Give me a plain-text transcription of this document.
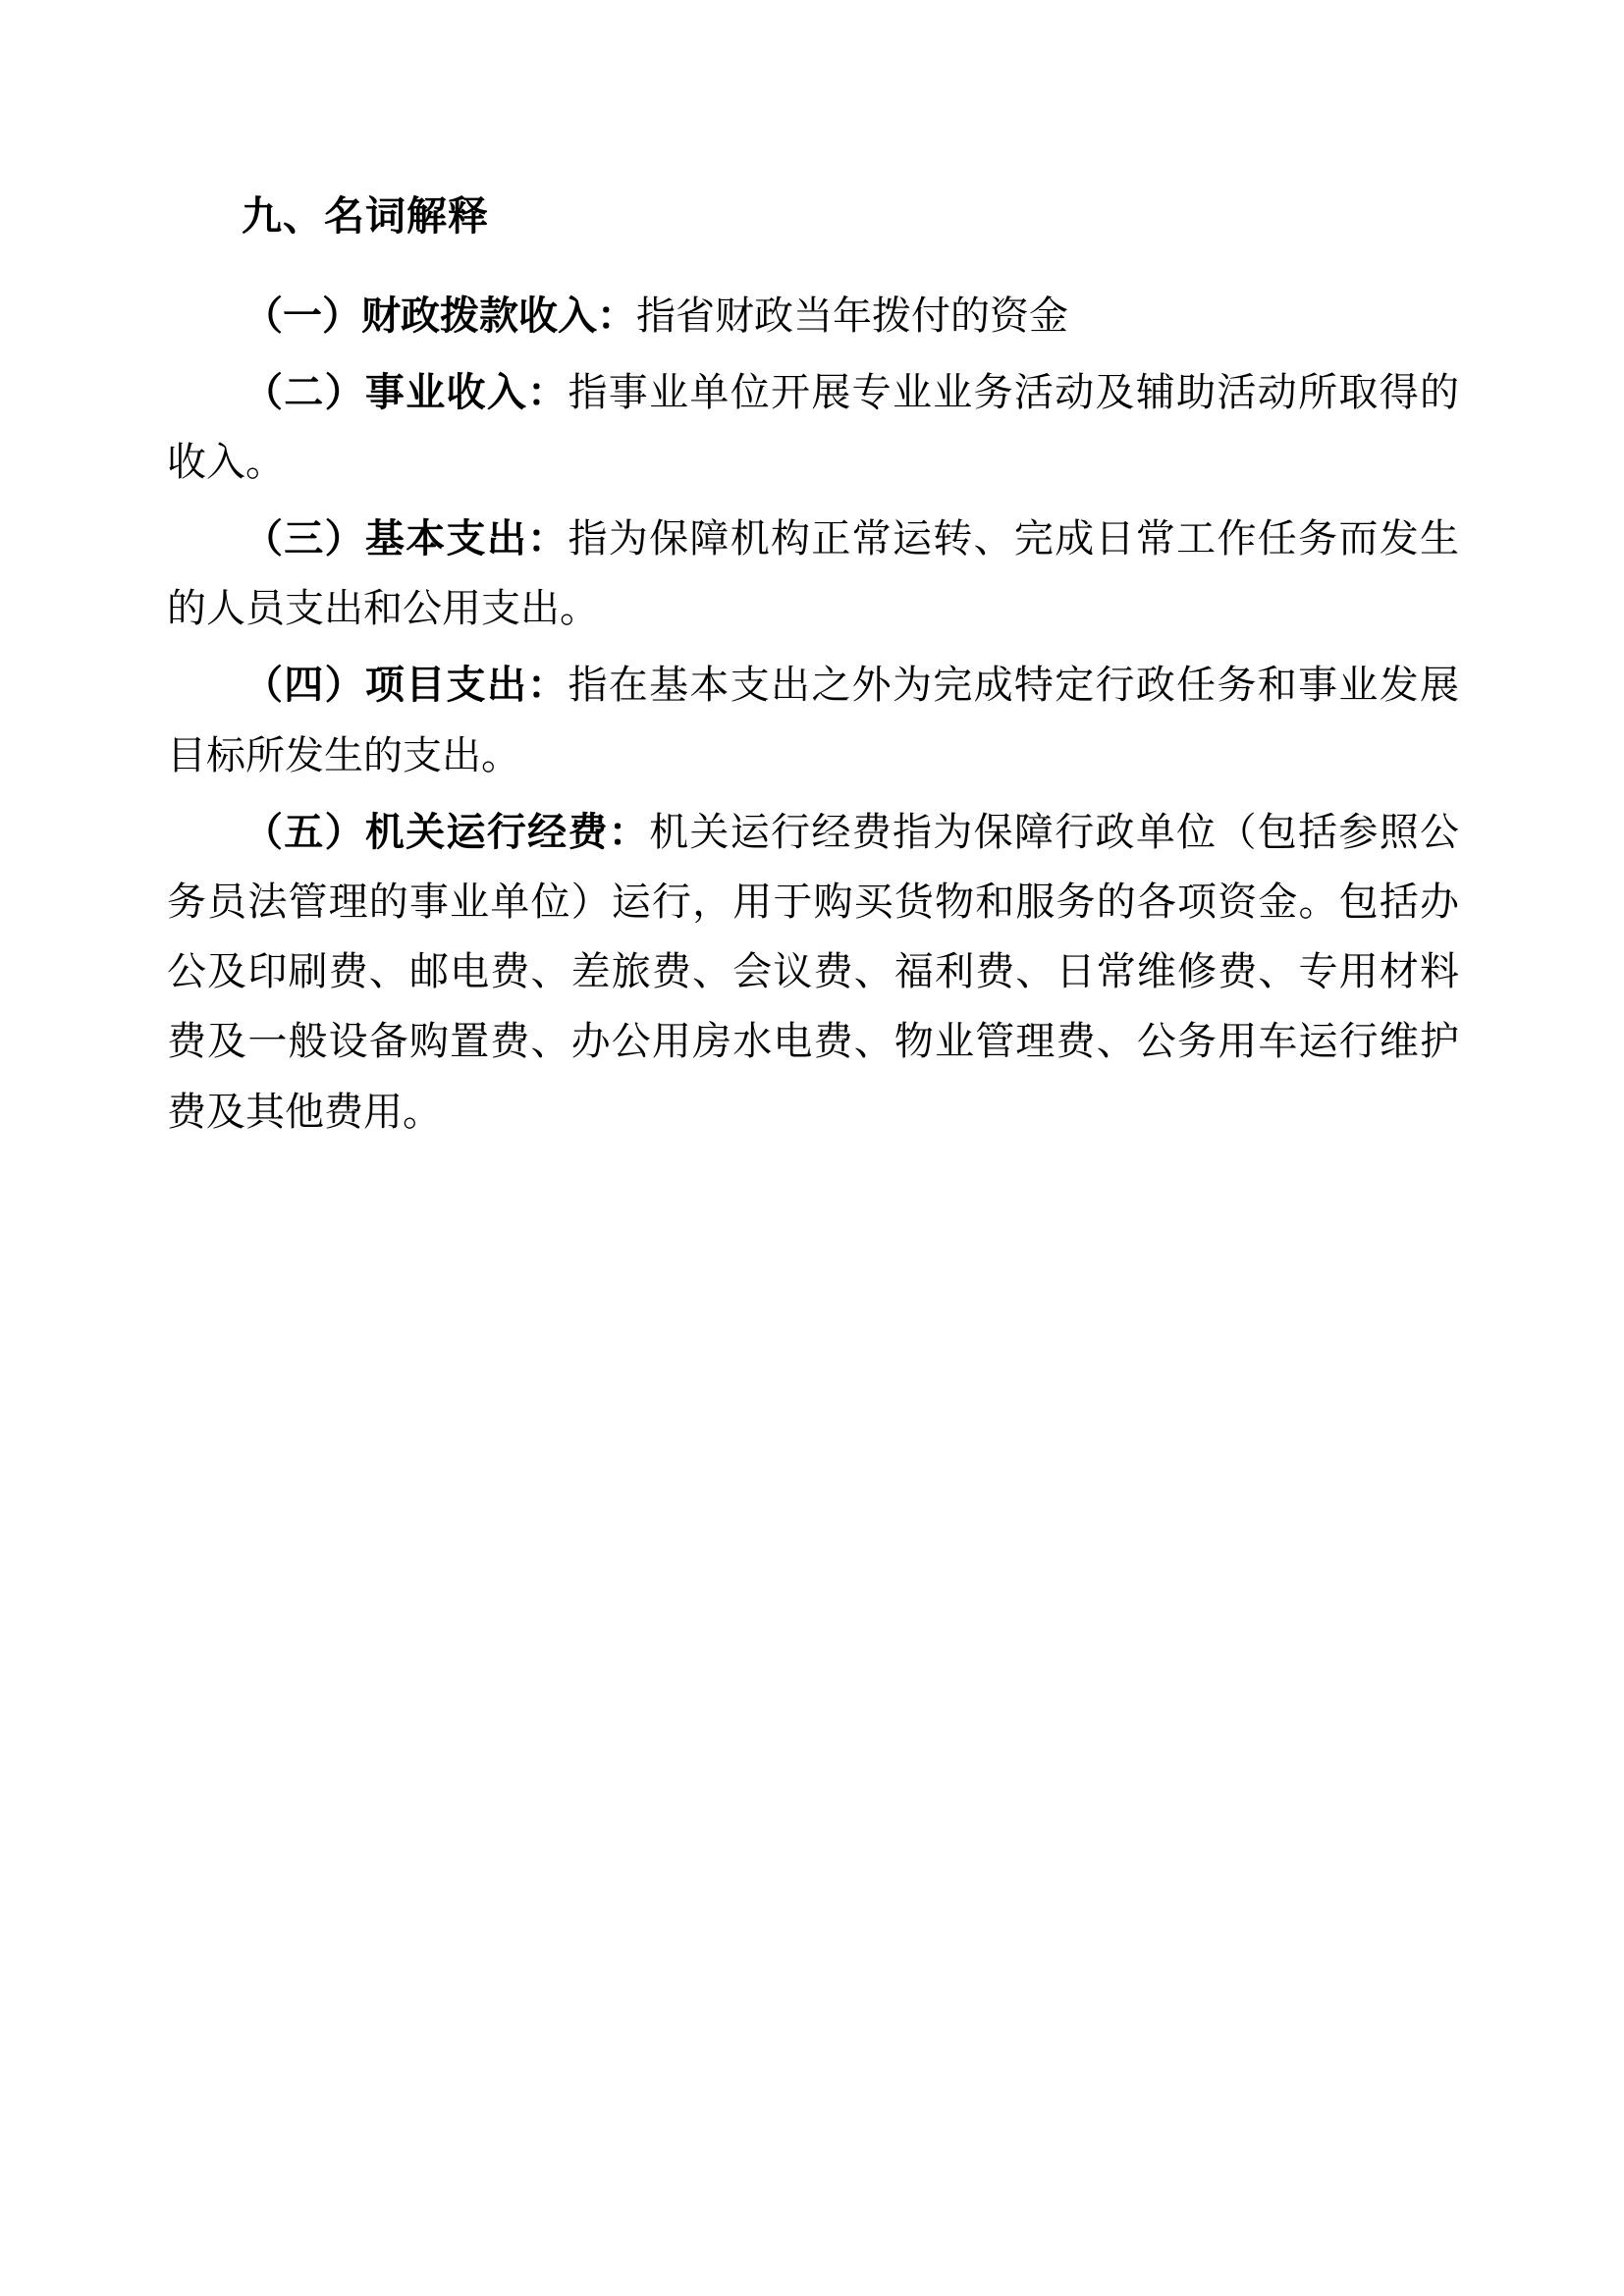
九、名词解释

（一）财政拨款收入：指省财政当年拨付的资金

（二）事业收入：指事业单位开展专业业务活动及辅助活动所取得的收入。

（三）基本支出：指为保障机构正常运转、完成日常工作任务而发生的人员支出和公用支出。

（四）项目支出：指在基本支出之外为完成特定行政任务和事业发展目标所发生的支出。

（五）机关运行经费：机关运行经费指为保障行政单位（包括参照公务员法管理的事业单位）运行，用于购买货物和服务的各项资金。包括办公及印刷费、邮电费、差旅费、会议费、福利费、日常维修费、专用材料费及一般设备购置费、办公用房水电费、物业管理费、公务用车运行维护费及其他费用。
